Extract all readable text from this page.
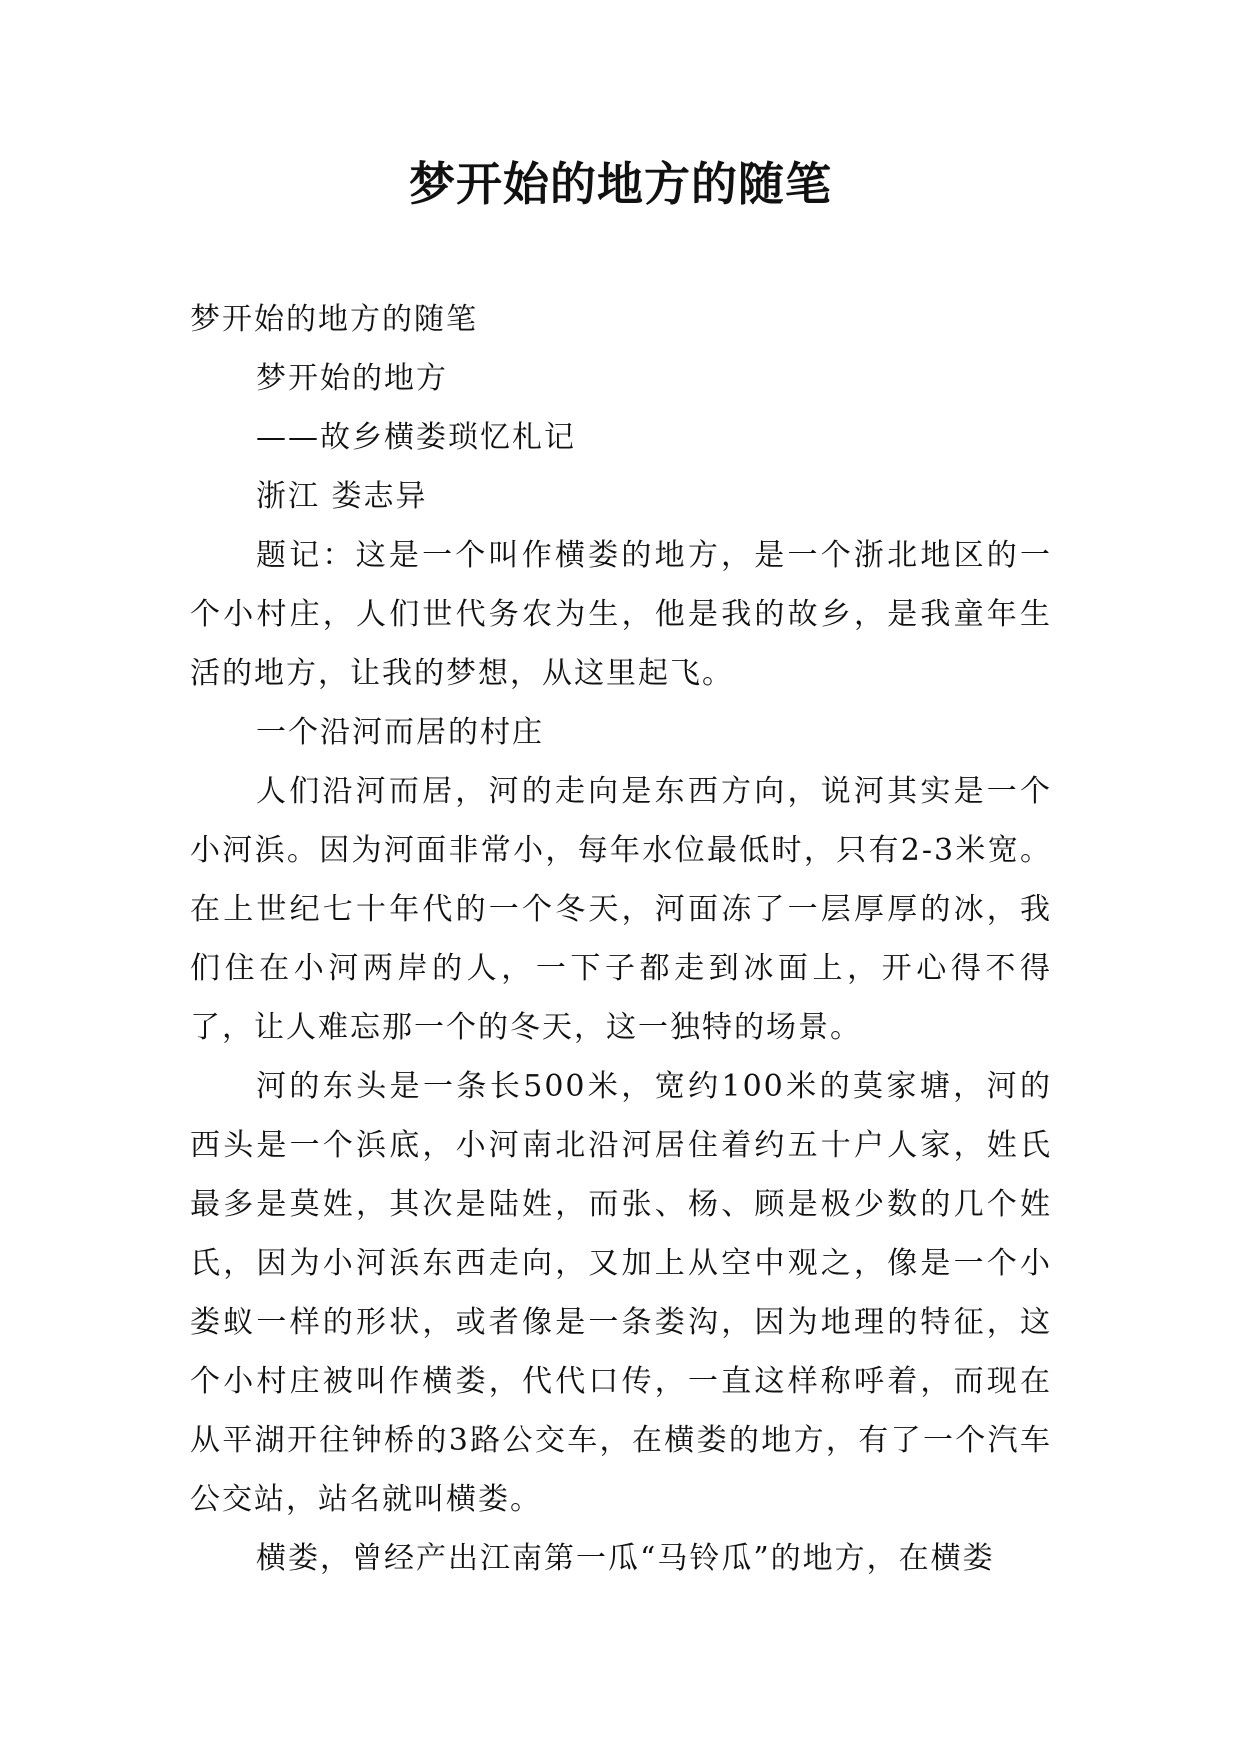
梦开始的地方的随笔

梦开始的地方的随笔

梦开始的地方

——故乡横娄琐忆札记

浙江 娄志异

题记：这是一个叫作横娄的地方，是一个浙北地区的一个小村庄，人们世代务农为生，他是我的故乡，是我童年生活的地方，让我的梦想，从这里起飞。

一个沿河而居的村庄

人们沿河而居，河的走向是东西方向，说河其实是一个小河浜。因为河面非常小，每年水位最低时，只有2-3米宽。在上世纪七十年代的一个冬天，河面冻了一层厚厚的冰，我们住在小河两岸的人，一下子都走到冰面上，开心得不得了，让人难忘那一个的冬天，这一独特的场景。

河的东头是一条长500米，宽约100米的莫家塘，河的西头是一个浜底，小河南北沿河居住着约五十户人家，姓氏最多是莫姓，其次是陆姓，而张、杨、顾是极少数的几个姓氏，因为小河浜东西走向，又加上从空中观之，像是一个小娄蚁一样的形状，或者像是一条娄沟，因为地理的特征，这个小村庄被叫作横娄，代代口传，一直这样称呼着，而现在从平湖开往钟桥的3路公交车，在横娄的地方，有了一个汽车公交站，站名就叫横娄。

横娄，曾经产出江南第一瓜“马铃瓜”的地方，在横娄
